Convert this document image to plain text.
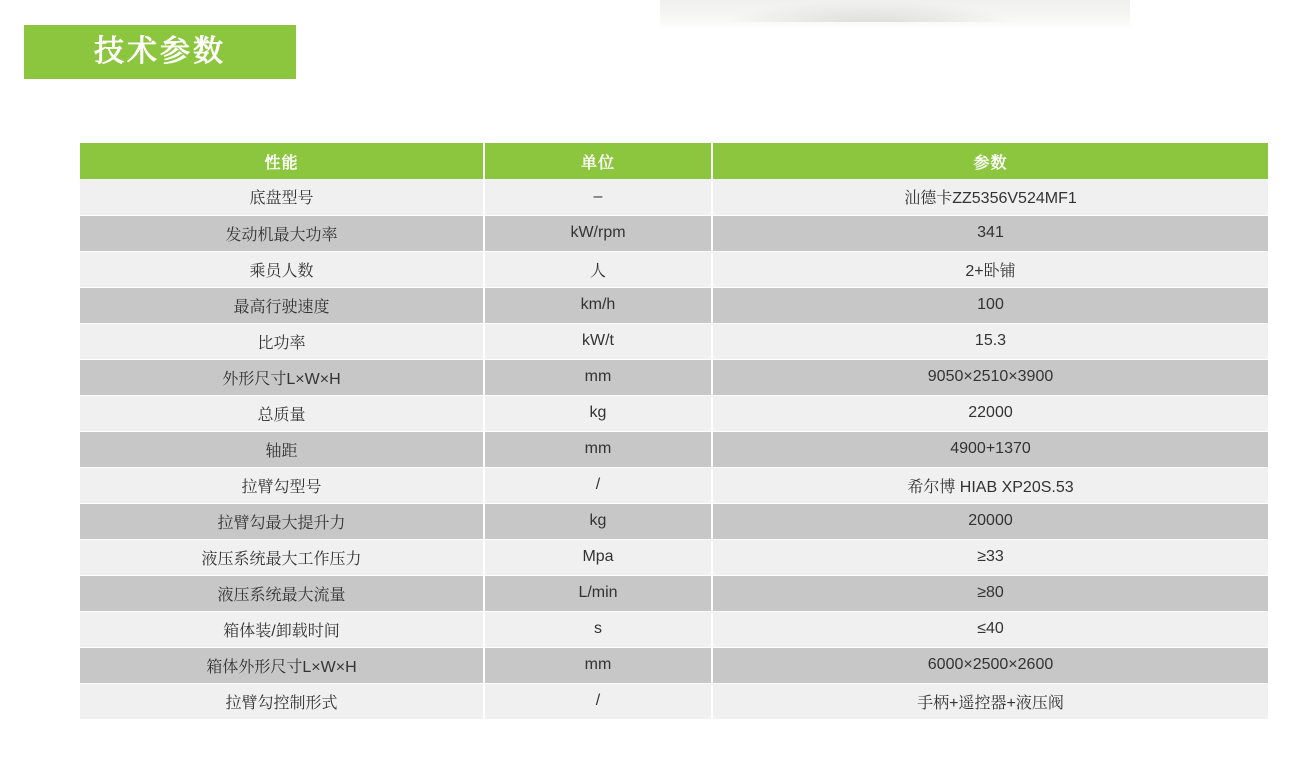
技术参数
性能	单位	参数
底盘型号	–	汕德卡ZZ5356V524MF1
发动机最大功率	kW/rpm	341
乘员人数	人	2+卧铺
最高行驶速度	km/h	100
比功率	kW/t	15.3
外形尺寸L×W×H	mm	9050×2510×3900
总质量	kg	22000
轴距	mm	4900+1370
拉臂勾型号	/	希尔博 HIAB XP20S.53
拉臂勾最大提升力	kg	20000
液压系统最大工作压力	Mpa	≥33
液压系统最大流量	L/min	≥80
箱体装/卸载时间	s	≤40
箱体外形尺寸L×W×H	mm	6000×2500×2600
拉臂勾控制形式	/	手柄+遥控器+液压阀
